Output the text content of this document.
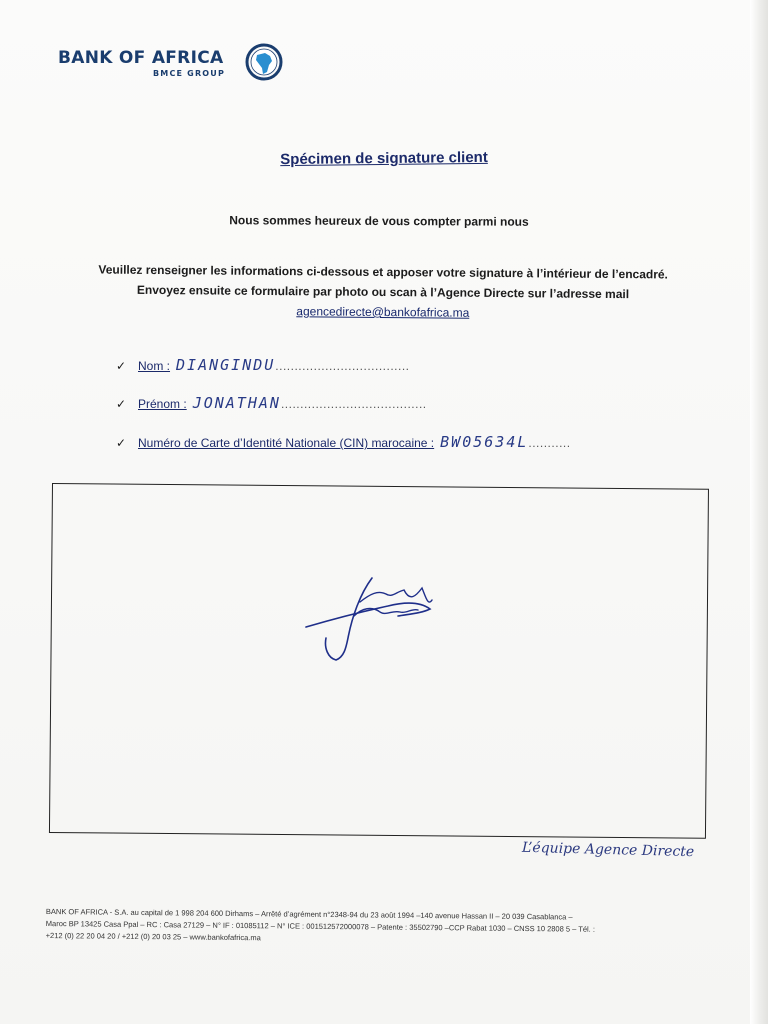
BANK OF AFRICA
BMCE GROUP
Spécimen de signature client
Nous sommes heureux de vous compter parmi nous
Veuillez renseigner les informations ci-dessous et apposer votre signature à l’intérieur de l’encadré. Envoyez ensuite ce formulaire par photo ou scan à l’Agence Directe sur l’adresse mail agencedirecte@bankofafrica.ma
✓ Nom : DIANGINDU...................................
✓ Prénom : JONATHAN......................................
✓ Numéro de Carte d’Identité Nationale (CIN) marocaine : BW05634L...........
L’équipe Agence Directe
BANK OF AFRICA - S.A. au capital de 1 998 204 600 Dirhams – Arrêté d’agrément n°2348-94 du 23 août 1994 –140 avenue Hassan II – 20 039 Casablanca –
Maroc BP 13425 Casa Ppal – RC : Casa 27129 – N° IF : 01085112 – N° ICE : 001512572000078 – Patente : 35502790 –CCP Rabat 1030 – CNSS 10 2808 5 – Tél. :
+212 (0) 22 20 04 20 / +212 (0) 20 03 25 – www.bankofafrica.ma
